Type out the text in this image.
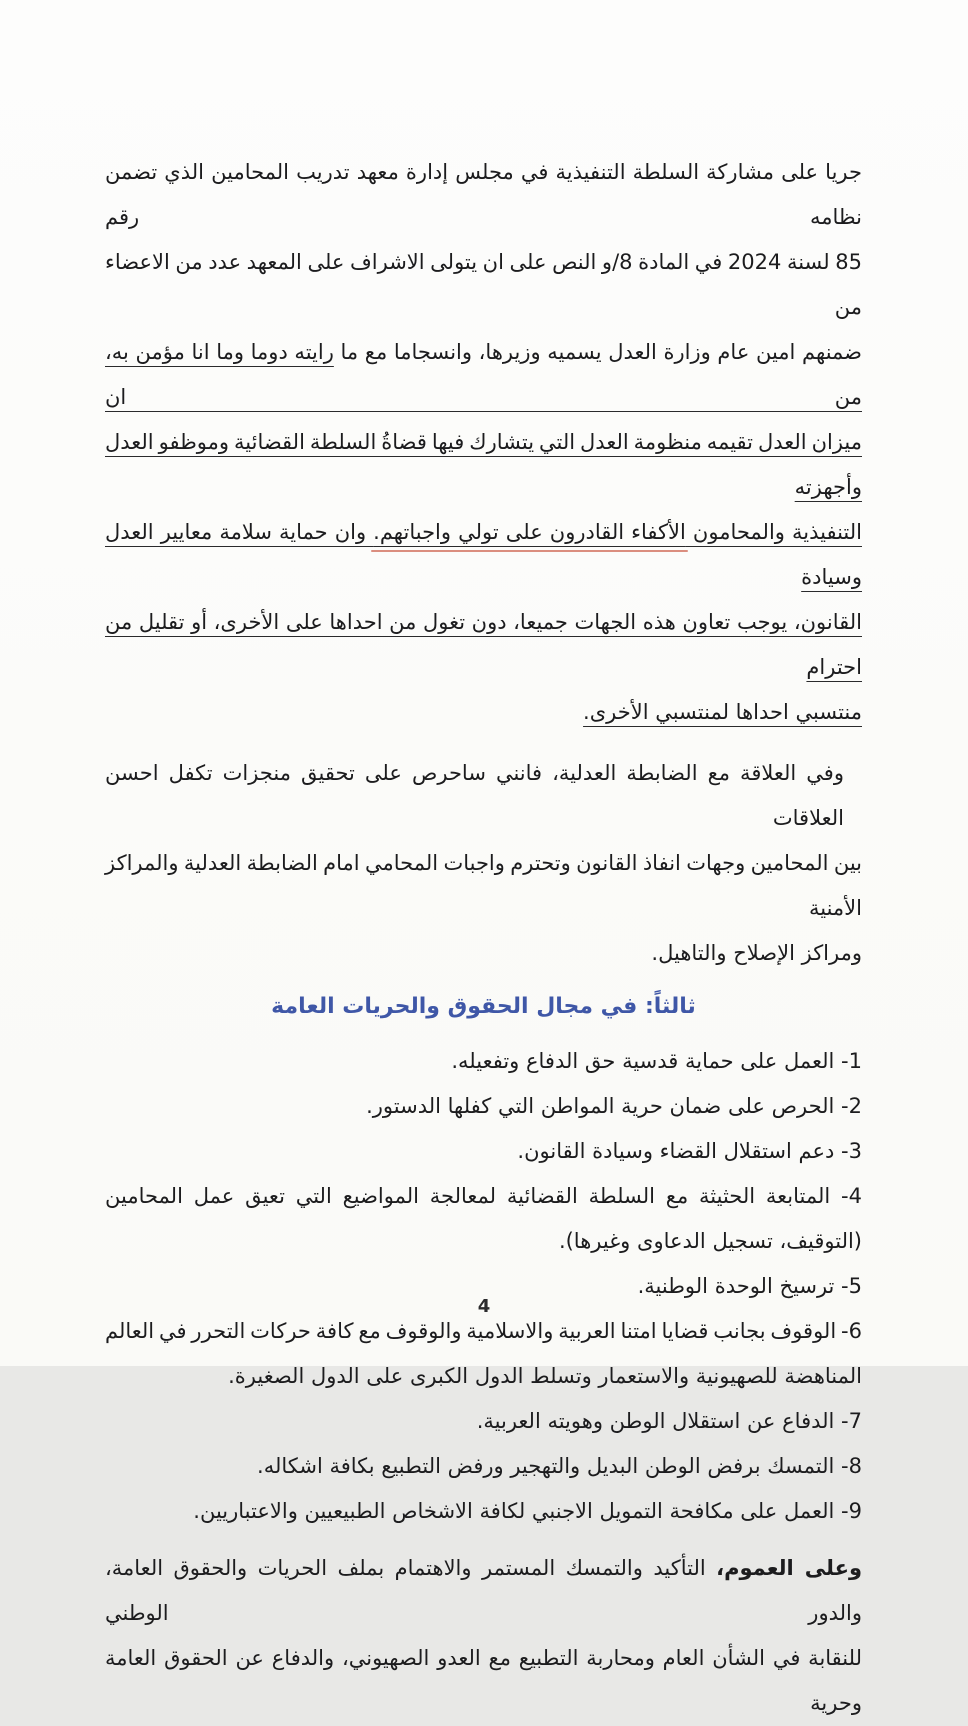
جريا على مشاركة السلطة التنفيذية في مجلس إدارة معهد تدريب المحامين الذي تضمن نظامه رقم
85 لسنة 2024 في المادة 8/و النص على ان يتولى الاشراف على المعهد عدد من الاعضاء من
ضمنهم امين عام وزارة العدل يسميه وزيرها، وانسجاما مع ما رايته دوما وما انا مؤمن به، من ان
ميزان العدل تقيمه منظومة العدل التي يتشارك فيها قضاةُ السلطة القضائية وموظفو العدل وأجهزته
التنفيذية والمحامون الأكفاء القادرون على تولي واجباتهم. وان حماية سلامة معايير العدل وسيادة
القانون، يوجب تعاون هذه الجهات جميعا، دون تغول من احداها على الأخرى، أو تقليل من احترام
منتسبي احداها لمنتسبي الأخرى.
وفي العلاقة مع الضابطة العدلية، فانني ساحرص على تحقيق منجزات تكفل احسن العلاقات
بين المحامين وجهات انفاذ القانون وتحترم واجبات المحامي امام الضابطة العدلية والمراكز الأمنية
ومراكز الإصلاح والتاهيل.
ثالثاً: في مجال الحقوق والحريات العامة
1- العمل على حماية قدسية حق الدفاع وتفعيله.
2- الحرص على ضمان حرية المواطن التي كفلها الدستور.
3- دعم استقلال القضاء وسيادة القانون.
4- المتابعة الحثيثة مع السلطة القضائية لمعالجة المواضيع التي تعيق عمل المحامين
(التوقيف، تسجيل الدعاوى وغيرها).
5- ترسيخ الوحدة الوطنية.
6- الوقوف بجانب قضايا امتنا العربية والاسلامية والوقوف مع كافة حركات التحرر في العالم
المناهضة للصهيونية والاستعمار وتسلط الدول الكبرى على الدول الصغيرة.
7- الدفاع عن استقلال الوطن وهويته العربية.
8- التمسك برفض الوطن البديل والتهجير ورفض التطبيع بكافة اشكاله.
9- العمل على مكافحة التمويل الاجنبي لكافة الاشخاص الطبيعيين والاعتباريين.
وعلى العموم، التأكيد والتمسك المستمر والاهتمام بملف الحريات والحقوق العامة، والدور الوطني
للنقابة في الشأن العام ومحاربة التطبيع مع العدو الصهيوني، والدفاع عن الحقوق العامة وحرية
4
